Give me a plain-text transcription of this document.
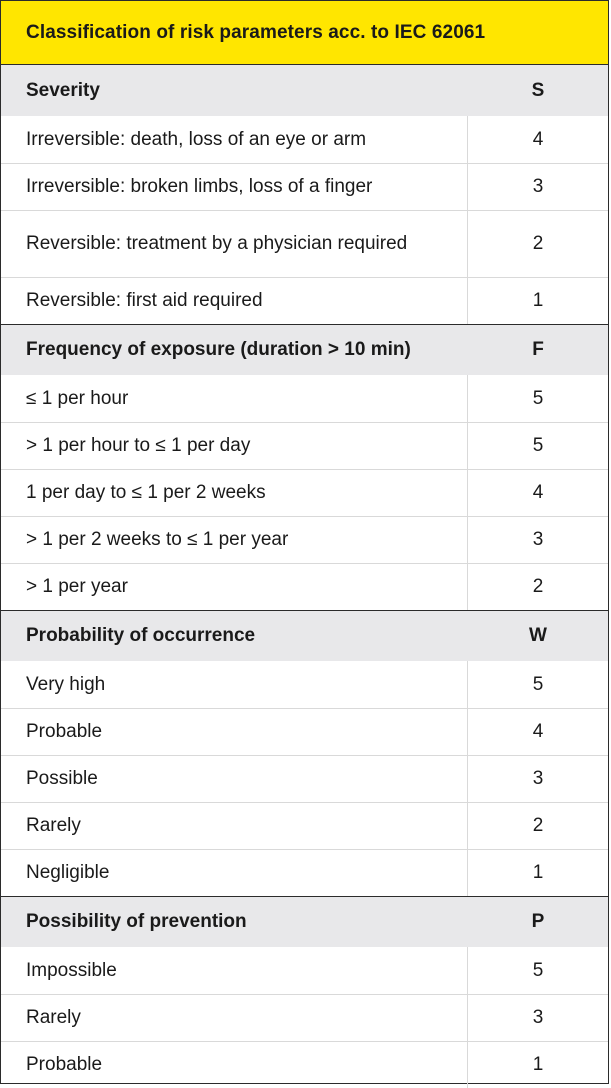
Classification of risk parameters acc. to IEC 62061
Severity	S
Irreversible: death, loss of an eye or arm	4
Irreversible: broken limbs, loss of a finger	3
Reversible: treatment by a physician required	2
Reversible: first aid required	1
Frequency of exposure (duration > 10 min)	F
≤ 1 per hour	5
> 1 per hour to ≤ 1 per day	5
1 per day to ≤ 1 per 2 weeks	4
> 1 per 2 weeks to ≤ 1 per year	3
> 1 per year	2
Probability of occurrence	W
Very high	5
Probable	4
Possible	3
Rarely	2
Negligible	1
Possibility of prevention	P
Impossible	5
Rarely	3
Probable	1
